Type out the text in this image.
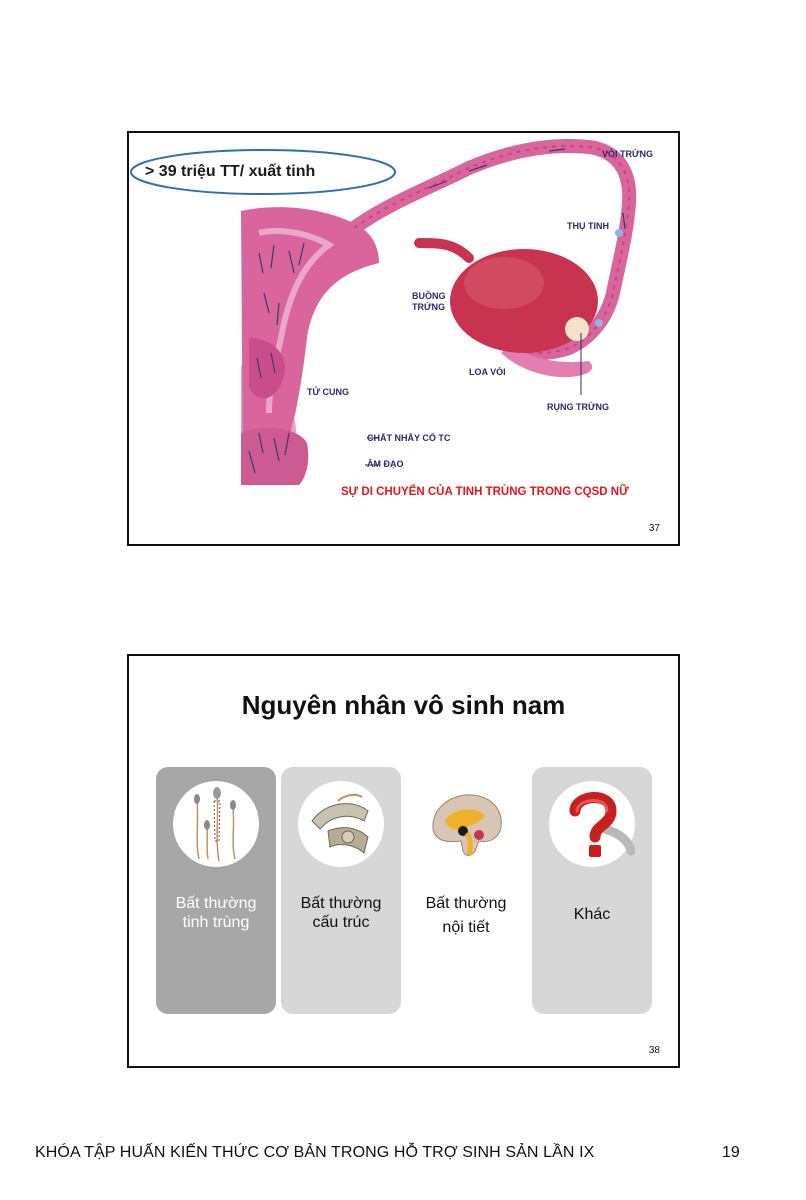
VÒI TRỨNG
THỤ TINH
BUỒNG
TRỨNG
LOA VÒI
RỤNG TRỨNG
TỬ CUNG
CHẤT NHẦY CỔ TC
ÂM ĐẠO
SỰ DI CHUYỂN CỦA TINH TRÙNG TRONG CQSD NỮ
> 39 triệu TT/ xuất tinh
37
Nguyên nhân vô sinh nam
Bất thường
tinh trùng
Bất thường
cấu trúc
Bất thường
nội tiết
Khác
38
KHÓA TẬP HUẤN KIẾN THỨC CƠ BẢN TRONG HỖ TRỢ SINH SẢN LẦN IX	19
